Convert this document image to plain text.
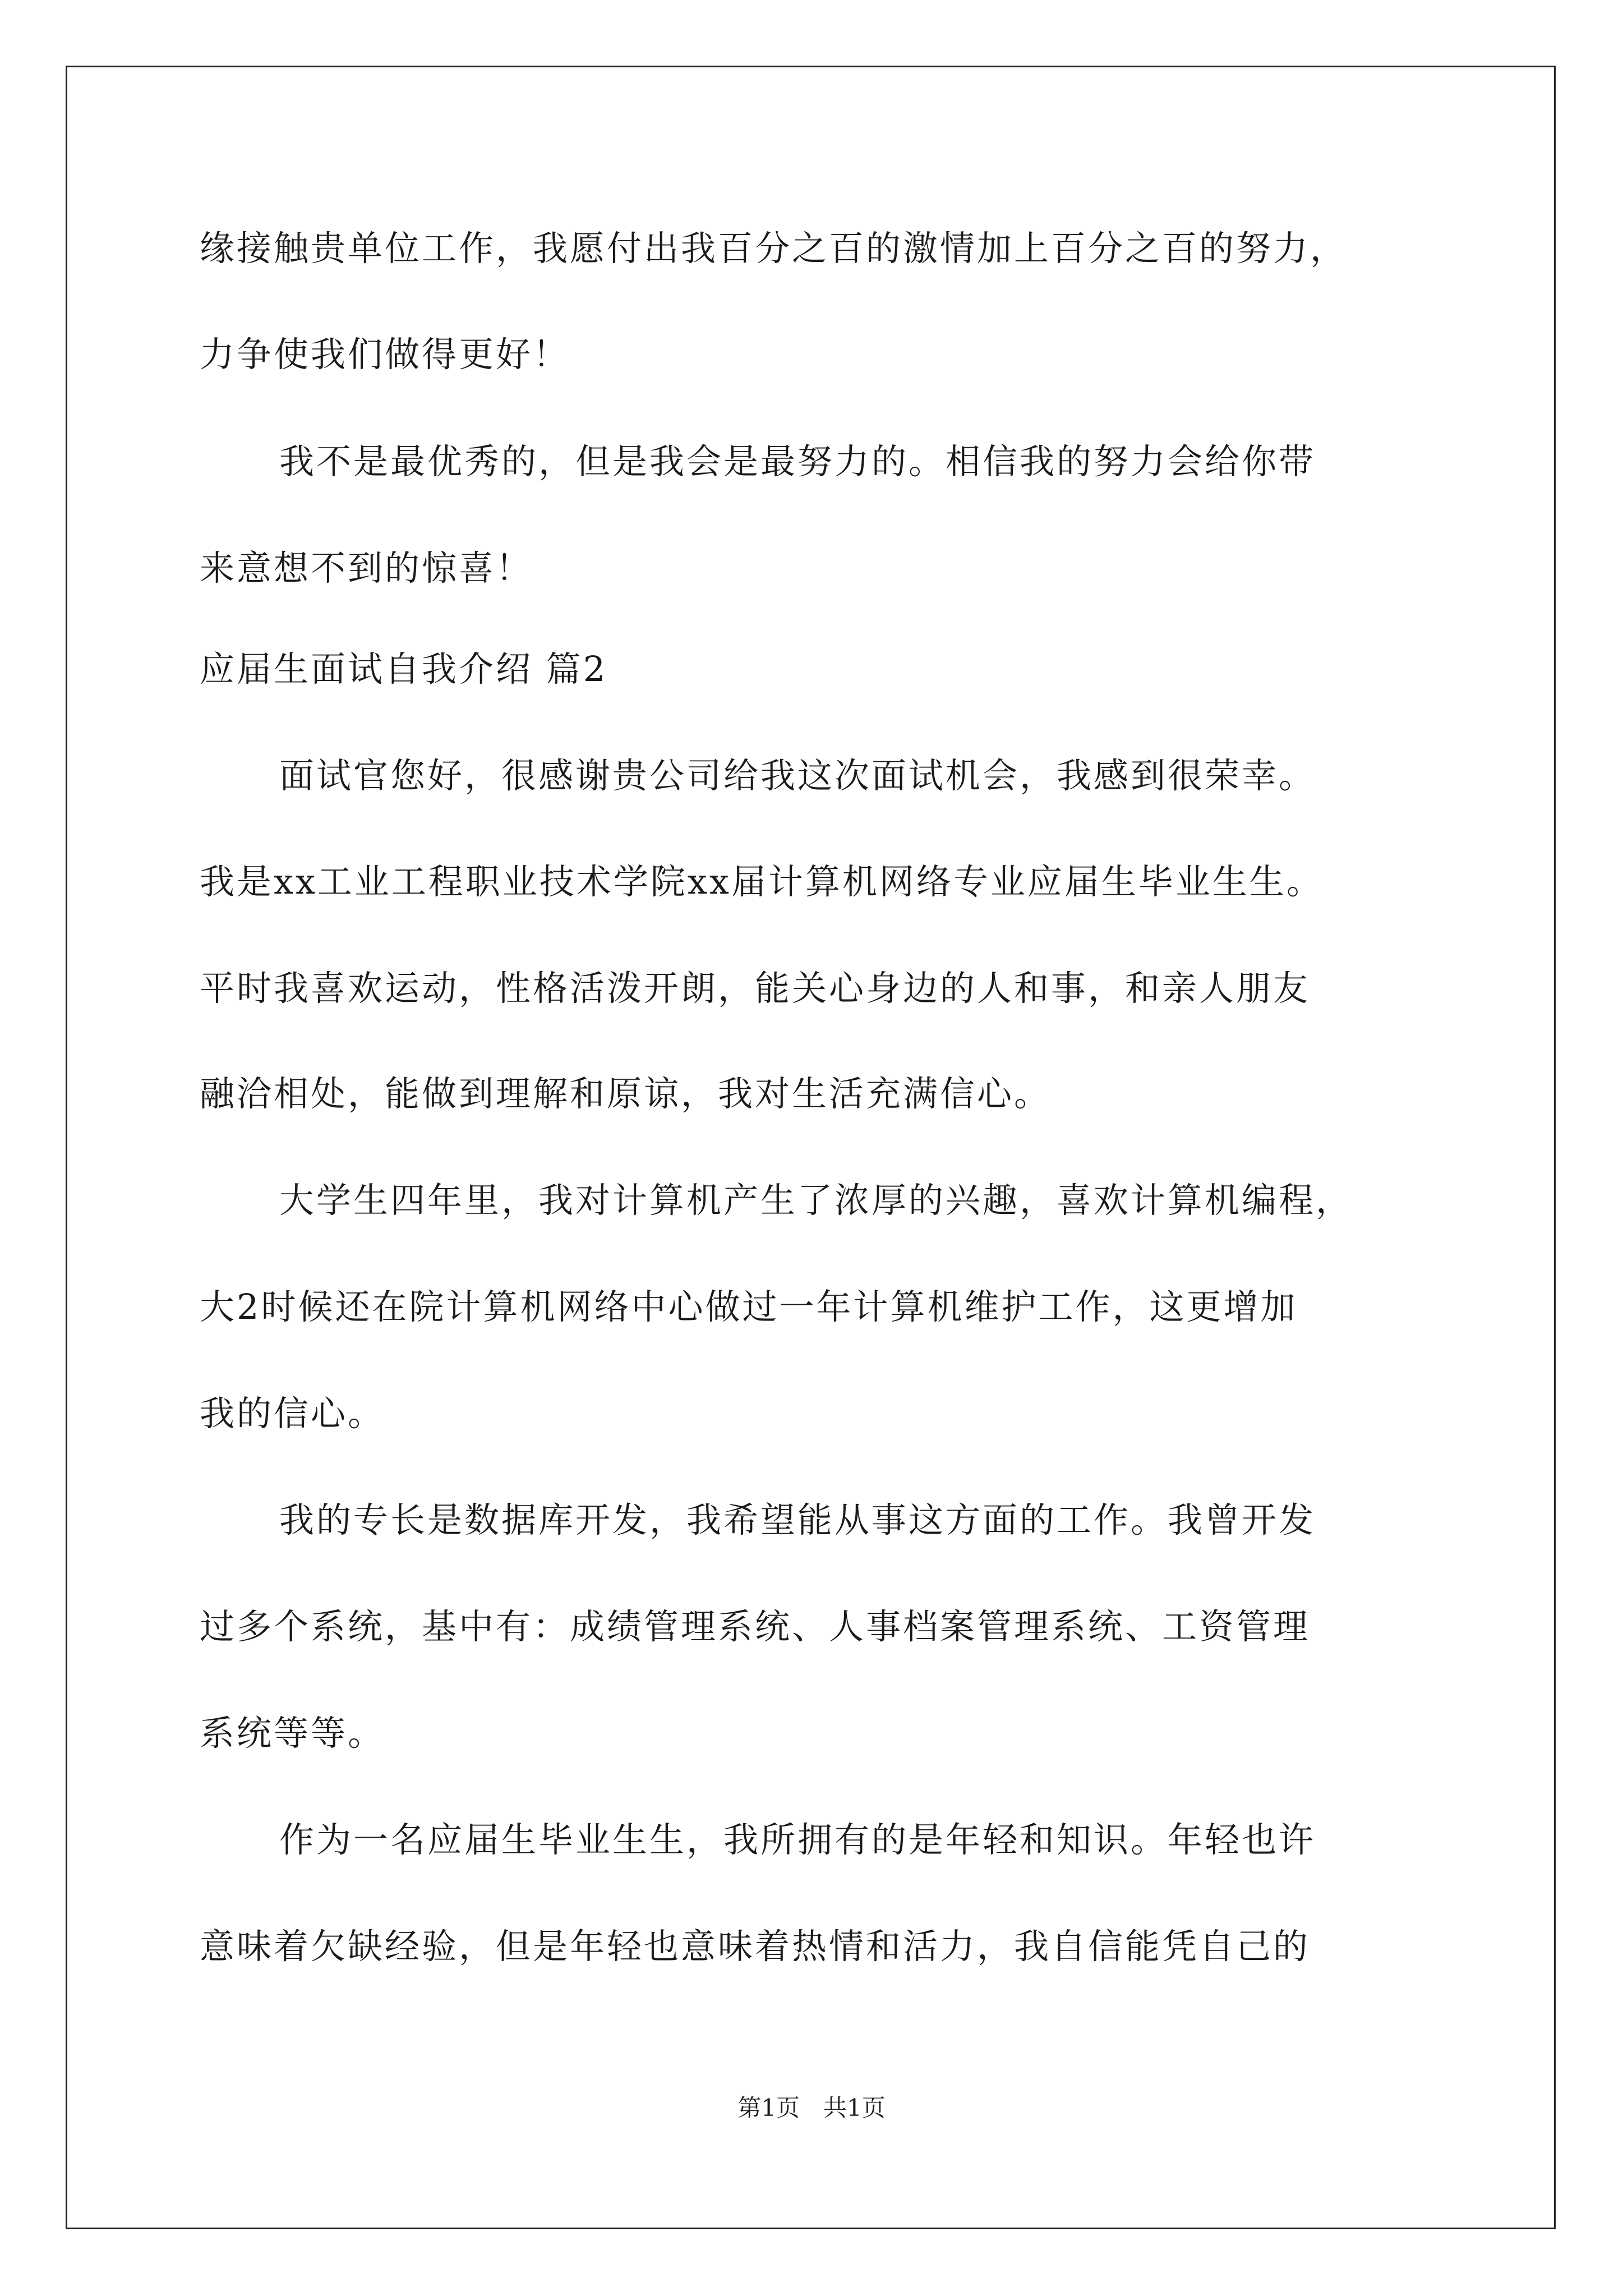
缘接触贵单位工作，我愿付出我百分之百的激情加上百分之百的努力，
力争使我们做得更好！
我不是最优秀的，但是我会是最努力的。相信我的努力会给你带
来意想不到的惊喜！
应届生面试自我介绍 篇2
面试官您好，很感谢贵公司给我这次面试机会，我感到很荣幸。
我是xx工业工程职业技术学院xx届计算机网络专业应届生毕业生生。
平时我喜欢运动，性格活泼开朗，能关心身边的人和事，和亲人朋友
融洽相处，能做到理解和原谅，我对生活充满信心。
大学生四年里，我对计算机产生了浓厚的兴趣，喜欢计算机编程，
大2时候还在院计算机网络中心做过一年计算机维护工作，这更增加
我的信心。
我的专长是数据库开发，我希望能从事这方面的工作。我曾开发
过多个系统，基中有：成绩管理系统、人事档案管理系统、工资管理
系统等等。
作为一名应届生毕业生生，我所拥有的是年轻和知识。年轻也许
意味着欠缺经验，但是年轻也意味着热情和活力，我自信能凭自己的
第1页　共1页
